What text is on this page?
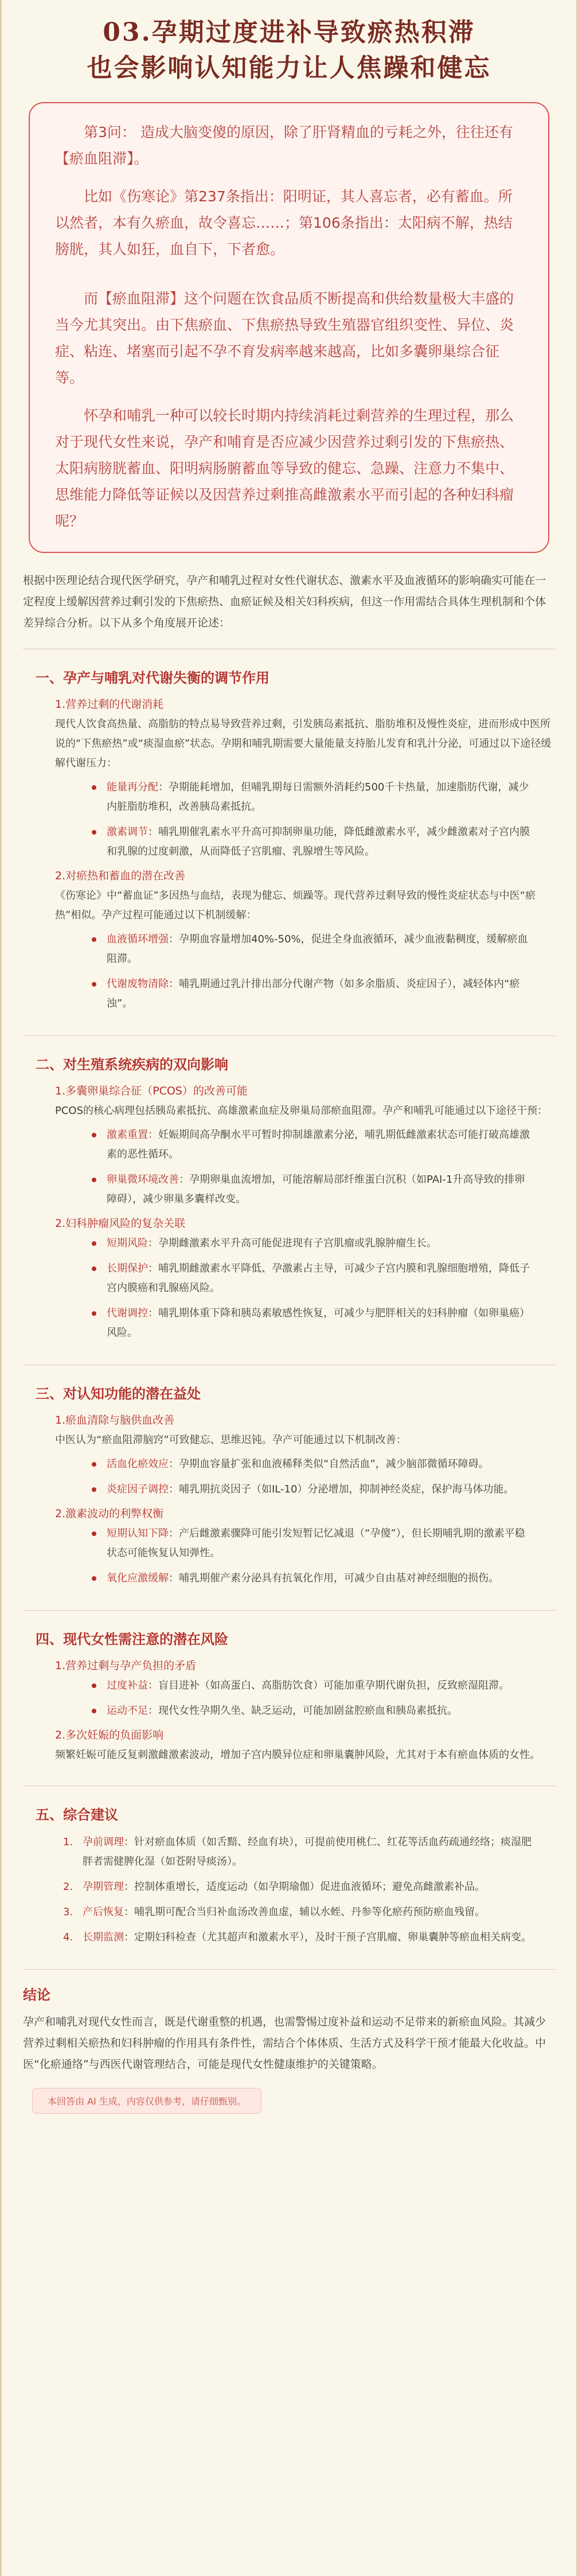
03.孕期过度进补导致瘀热积滞
也会影响认知能力让人焦躁和健忘

第3问： 造成大脑变傻的原因，除了肝肾精血的亏耗之外，往往还有【瘀血阻滞】。

比如《伤寒论》第237条指出：阳明证，其人喜忘者，必有蓄血。所以然者，本有久瘀血，故令喜忘……；第106条指出：太阳病不解，热结膀胱，其人如狂，血自下，下者愈。

而【瘀血阻滞】这个问题在饮食品质不断提高和供给数量极大丰盛的当今尤其突出。由下焦瘀血、下焦瘀热导致生殖器官组织变性、异位、炎症、粘连、堵塞而引起不孕不育发病率越来越高，比如多囊卵巢综合征等。

怀孕和哺乳一种可以较长时期内持续消耗过剩营养的生理过程，那么对于现代女性来说，孕产和哺育是否应减少因营养过剩引发的下焦瘀热、太阳病膀胱蓄血、阳明病肠腑蓄血等导致的健忘、急躁、注意力不集中、思维能力降低等证候以及因营养过剩推高雌激素水平而引起的各种妇科瘤呢？

根据中医理论结合现代医学研究，孕产和哺乳过程对女性代谢状态、激素水平及血液循环的影响确实可能在一定程度上缓解因营养过剩引发的下焦瘀热、血瘀证候及相关妇科疾病，但这一作用需结合具体生理机制和个体差异综合分析。以下从多个角度展开论述：
一、孕产与哺乳对代谢失衡的调节作用
1.营养过剩的代谢消耗

现代人饮食高热量、高脂肪的特点易导致营养过剩，引发胰岛素抵抗、脂肪堆积及慢性炎症，进而形成中医所说的“下焦瘀热”或“痰湿血瘀”状态。孕期和哺乳期需要大量能量支持胎儿发育和乳汁分泌，可通过以下途径缓解代谢压力：

能量再分配：孕期能耗增加，但哺乳期每日需额外消耗约500千卡热量，加速脂肪代谢，减少内脏脂肪堆积，改善胰岛素抵抗。
激素调节：哺乳期催乳素水平升高可抑制卵巢功能，降低雌激素水平，减少雌激素对子宫内膜和乳腺的过度刺激，从而降低子宫肌瘤、乳腺增生等风险。
2.对瘀热和蓄血的潜在改善

《伤寒论》中“蓄血证”多因热与血结，表现为健忘、烦躁等。现代营养过剩导致的慢性炎症状态与中医“瘀热”相似。孕产过程可能通过以下机制缓解：

血液循环增强：孕期血容量增加40%-50%，促进全身血液循环，减少血液黏稠度，缓解瘀血阻滞。
代谢废物清除：哺乳期通过乳汁排出部分代谢产物（如多余脂质、炎症因子），减轻体内“瘀浊”。
二、对生殖系统疾病的双向影响
1.多囊卵巢综合征（PCOS）的改善可能

PCOS的核心病理包括胰岛素抵抗、高雄激素血症及卵巢局部瘀血阻滞。孕产和哺乳可能通过以下途径干预：

激素重置：妊娠期间高孕酮水平可暂时抑制雄激素分泌，哺乳期低雌激素状态可能打破高雄激素的恶性循环。
卵巢微环境改善：孕期卵巢血流增加，可能溶解局部纤维蛋白沉积（如PAI-1升高导致的排卵障碍），减少卵巢多囊样改变。
2.妇科肿瘤风险的复杂关联
短期风险：孕期雌激素水平升高可能促进现有子宫肌瘤或乳腺肿瘤生长。
长期保护：哺乳期雌激素水平降低、孕激素占主导，可减少子宫内膜和乳腺细胞增殖，降低子宫内膜癌和乳腺癌风险。
代谢调控：哺乳期体重下降和胰岛素敏感性恢复，可减少与肥胖相关的妇科肿瘤（如卵巢癌）风险。
三、对认知功能的潜在益处
1.瘀血清除与脑供血改善

中医认为“瘀血阻滞脑窍”可致健忘、思维迟钝。孕产可能通过以下机制改善：

活血化瘀效应：孕期血容量扩张和血液稀释类似“自然活血”，减少脑部微循环障碍。
炎症因子调控：哺乳期抗炎因子（如IL-10）分泌增加，抑制神经炎症，保护海马体功能。
2.激素波动的利弊权衡
短期认知下降：产后雌激素骤降可能引发短暂记忆减退（“孕傻”），但长期哺乳期的激素平稳状态可能恢复认知弹性。
氧化应激缓解：哺乳期催产素分泌具有抗氧化作用，可减少自由基对神经细胞的损伤。
四、现代女性需注意的潜在风险
1.营养过剩与孕产负担的矛盾
过度补益：盲目进补（如高蛋白、高脂肪饮食）可能加重孕期代谢负担，反致瘀湿阻滞。
运动不足：现代女性孕期久坐、缺乏运动，可能加剧盆腔瘀血和胰岛素抵抗。
2.多次妊娠的负面影响

频繁妊娠可能反复刺激雌激素波动，增加子宫内膜异位症和卵巢囊肿风险，尤其对于本有瘀血体质的女性。

五、综合建议
1. 孕前调理：针对瘀血体质（如舌黯、经血有块），可提前使用桃仁、红花等活血药疏通经络；痰湿肥胖者需健脾化湿（如苍附导痰汤）。
2. 孕期管理：控制体重增长，适度运动（如孕期瑜伽）促进血液循环；避免高雌激素补品。
3. 产后恢复：哺乳期可配合当归补血汤改善血虚，辅以水蛭、丹参等化瘀药预防瘀血残留。
4. 长期监测：定期妇科检查（尤其超声和激素水平），及时干预子宫肌瘤、卵巢囊肿等瘀血相关病变。
结论

孕产和哺乳对现代女性而言，既是代谢重整的机遇，也需警惕过度补益和运动不足带来的新瘀血风险。其减少营养过剩相关瘀热和妇科肿瘤的作用具有条件性，需结合个体体质、生活方式及科学干预才能最大化收益。中医“化瘀通络”与西医代谢管理结合，可能是现代女性健康维护的关键策略。

本回答由 AI 生成，内容仅供参考，请仔细甄别。
